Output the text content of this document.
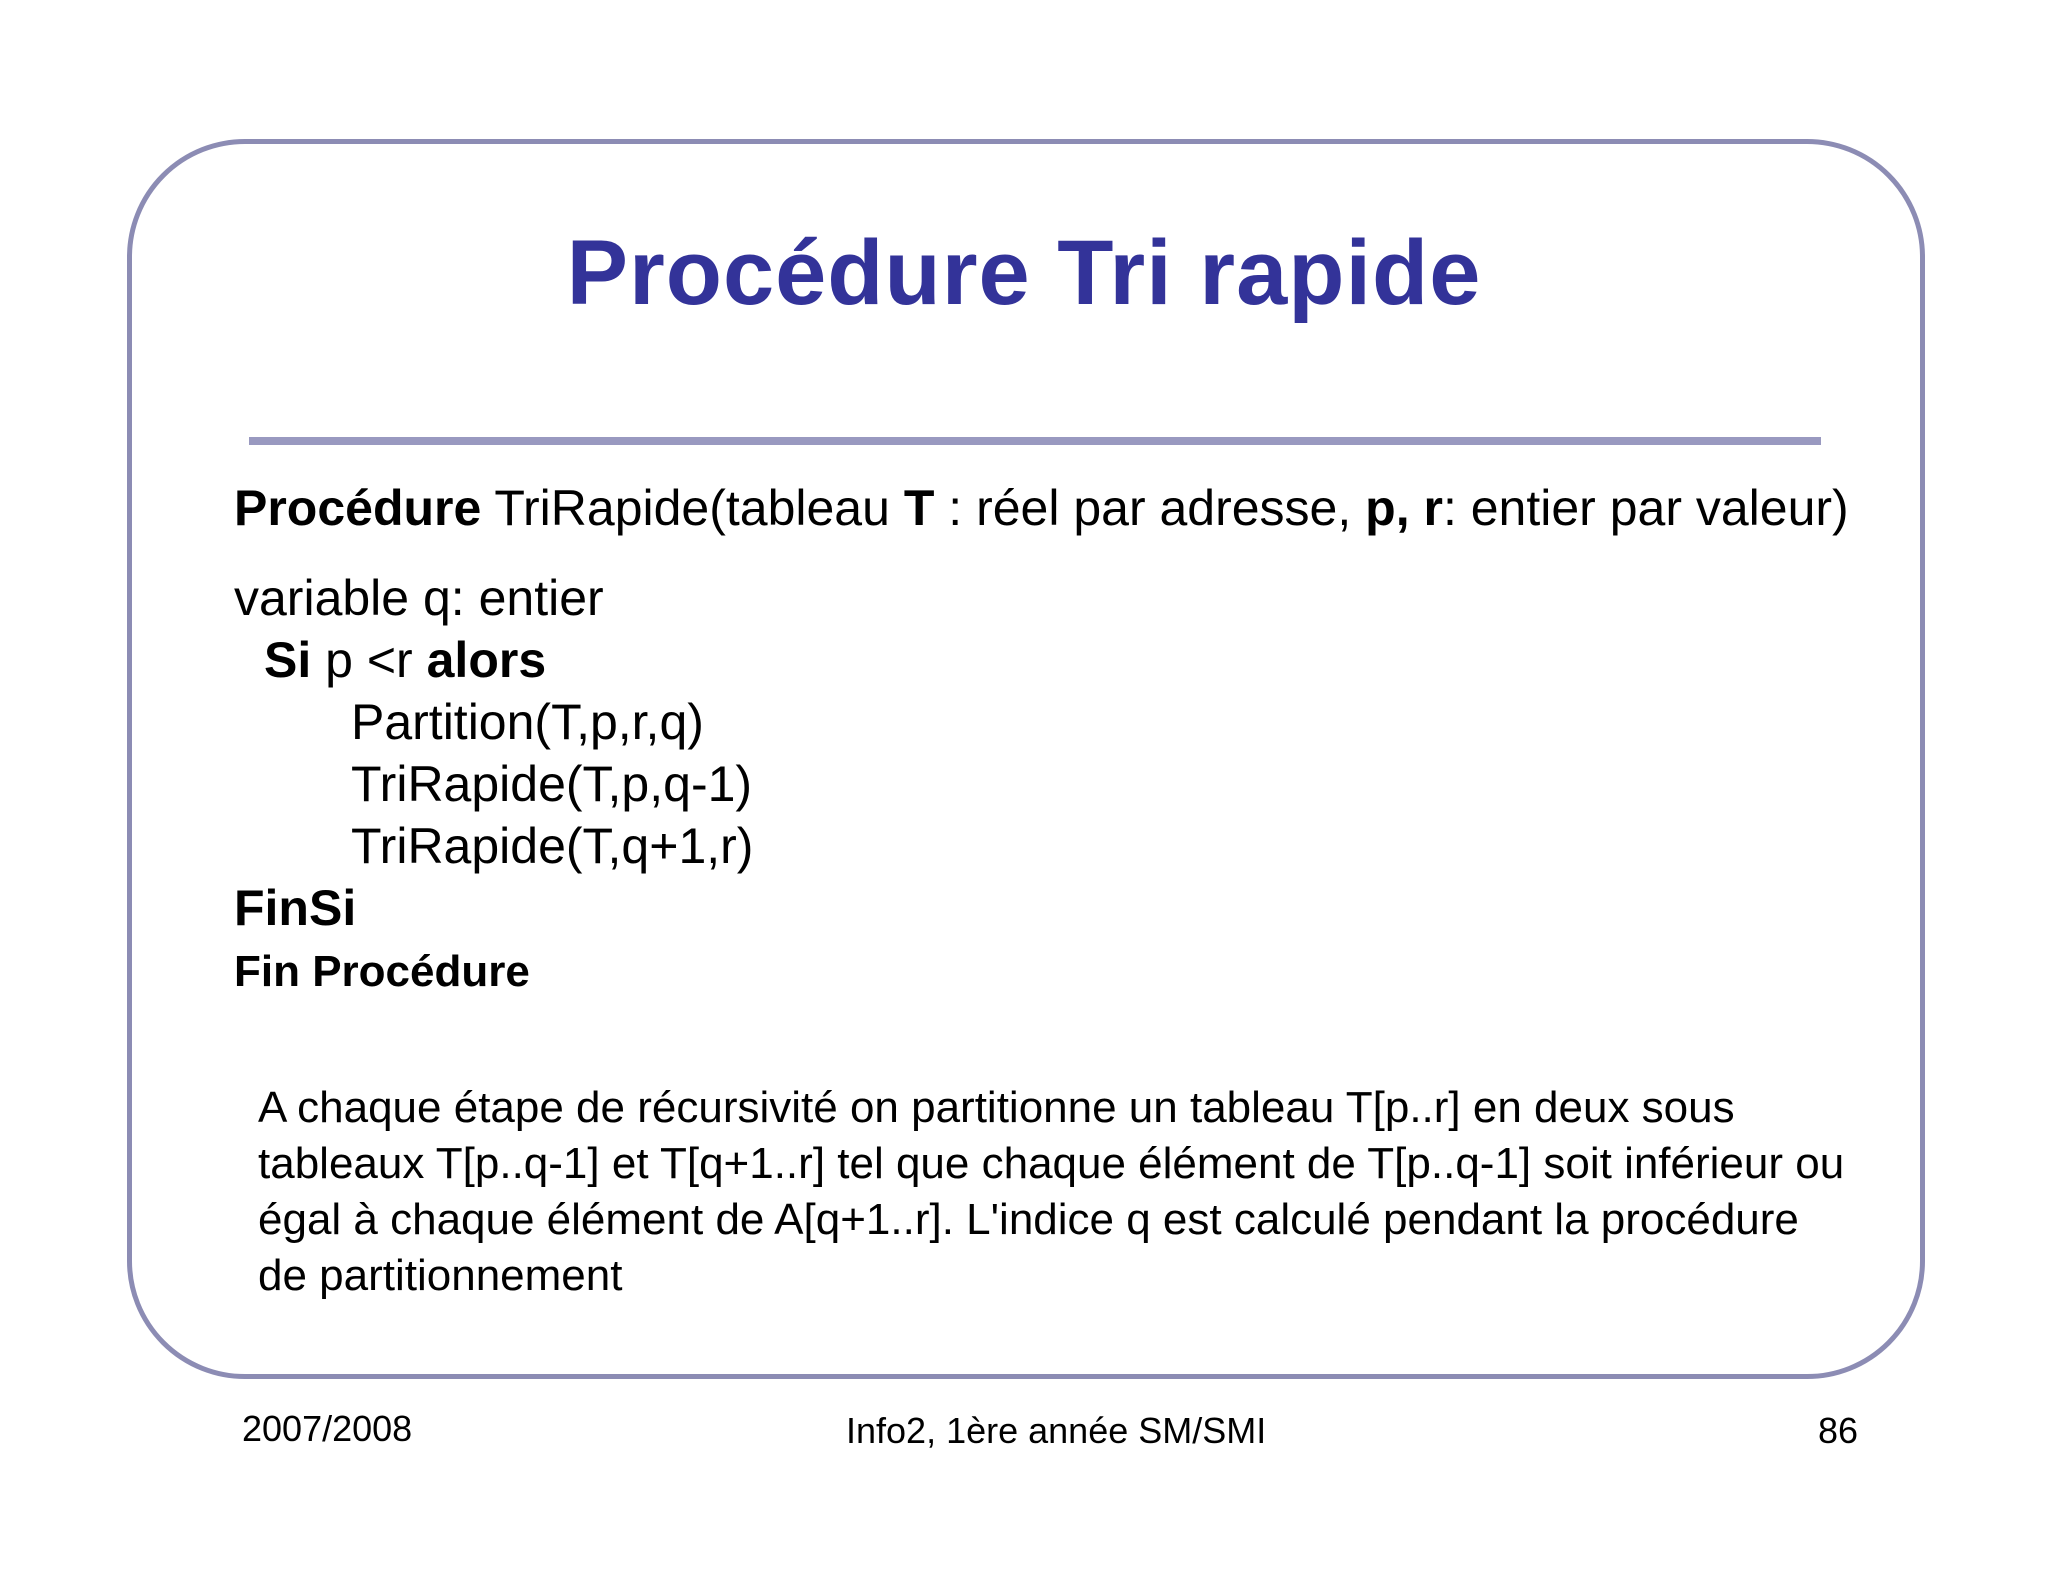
Procédure Tri rapide
Procédure TriRapide(tableau T : réel par adresse, p, r: entier par valeur)
variable q: entier
Si p <r alors
Partition(T,p,r,q)
TriRapide(T,p,q-1)
TriRapide(T,q+1,r)
FinSi
Fin Procédure
A chaque étape de récursivité on partitionne un tableau T[p..r] en deux sous tableaux T[p..q-1] et T[q+1..r] tel que chaque élément de T[p..q-1] soit inférieur ou égal à chaque élément de A[q+1..r]. L'indice q est calculé pendant la procédure de partitionnement
2007/2008	Info2, 1ère année SM/SMI	86
